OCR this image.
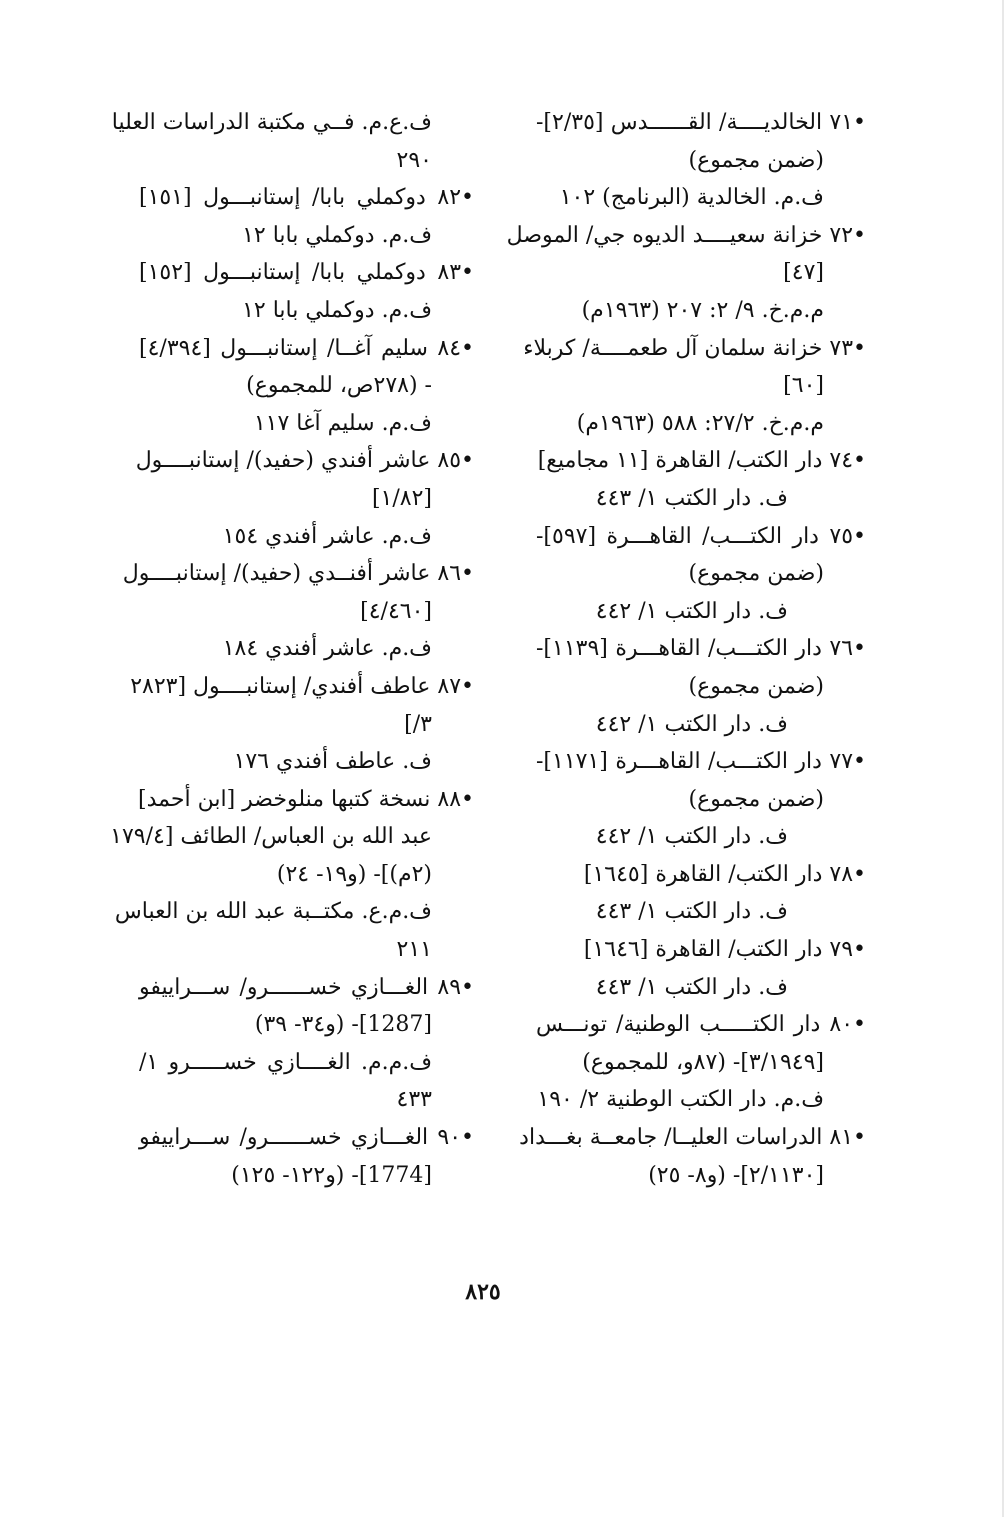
•٧١ الخالديــــة/ القــــــدس [٢/٣٥]-
(ضمن مجموع)
ف.م. الخالدية (البرنامج) ١٠٢
•٧٢ خزانة سعيــــد الديوه جي/ الموصل
[٤٧]
م.م.خ. ٩/ ٢: ٢٠٧ (١٩٦٣م)
•٧٣ خزانة سلمان آل طعمــــة/ كربلاء
[٦٠]
م.م.خ. ٢٧/٢: ٥٨٨ (١٩٦٣م)
•٧٤ دار الكتب/ القاهرة [١١ مجاميع]
ف. دار الكتب ١/ ٤٤٣
•٧٥ دار الكتـــب/ القاهـــرة [٥٩٧]-
(ضمن مجموع)
ف. دار الكتب ١/ ٤٤٢
•٧٦ دار الكتـــب/ القاهـــرة [١١٣٩]-
(ضمن مجموع)
ف. دار الكتب ١/ ٤٤٢
•٧٧ دار الكتـــب/ القاهـــرة [١١٧١]-
(ضمن مجموع)
ف. دار الكتب ١/ ٤٤٢
•٧٨ دار الكتب/ القاهرة [١٦٤٥]
ف. دار الكتب ١/ ٤٤٣
•٧٩ دار الكتب/ القاهرة [١٦٤٦]
ف. دار الكتب ١/ ٤٤٣
•٨٠ دار الكتـــــب الوطنية/ تونـــس
[٣/١٩٤٩]- (٨٧و، للمجموع)
ف.م. دار الكتب الوطنية ٢/ ١٩٠
•٨١ الدراسات العليــا/ جامعــة بغـــداد
[٢/١١٣٠]- (و٨- ٢٥)
ف.ع.م. فــي مكتبة الدراسات العليا
٢٩٠
•٨٢ دوكملي بابا/ إستانبـــول [١٥١]
ف.م. دوكملي بابا ١٢
•٨٣ دوكملي بابا/ إستانبـــول [١٥٢]
ف.م. دوكملي بابا ١٢
•٨٤ سليم آغــا/ إستانبـــول [٤/٣٩٤]
- (٢٧٨ص، للمجموع)
ف.م. سليم آغا ١١٧
•٨٥ عاشر أفندي (حفيد)/ إستانبــــول
[١/٨٢]
ف.م. عاشر أفندي ١٥٤
•٨٦ عاشر أفنــدي (حفيد)/ إستانبــــول
[٤/٤٦٠]
ف.م. عاشر أفندي ١٨٤
•٨٧ عاطف أفندي/ إستانبــــول [٢٨٢٣
٣/]
ف. عاطف أفندي ١٧٦
•٨٨ نسخة كتبها منلوخضر [ابن أحمد]
عبد الله بن العباس/ الطائف [١٧٩/٤
(٢م)]- (و١٩- ٢٤)
ف.م.ع. مكتــبة عبد الله بن العباس
٢١١
•٨٩ الغـــازي خســــــرو/ ســـراييفو
[1287]- (و٣٤- ٣٩)
ف.م.م. الغــــازي خســـــرو ١/
٤٣٣
•٩٠ الغـــازي خســــــرو/ ســـراييفو
[1774]- (و١٢٢- ١٢٥)
٨٢٥
